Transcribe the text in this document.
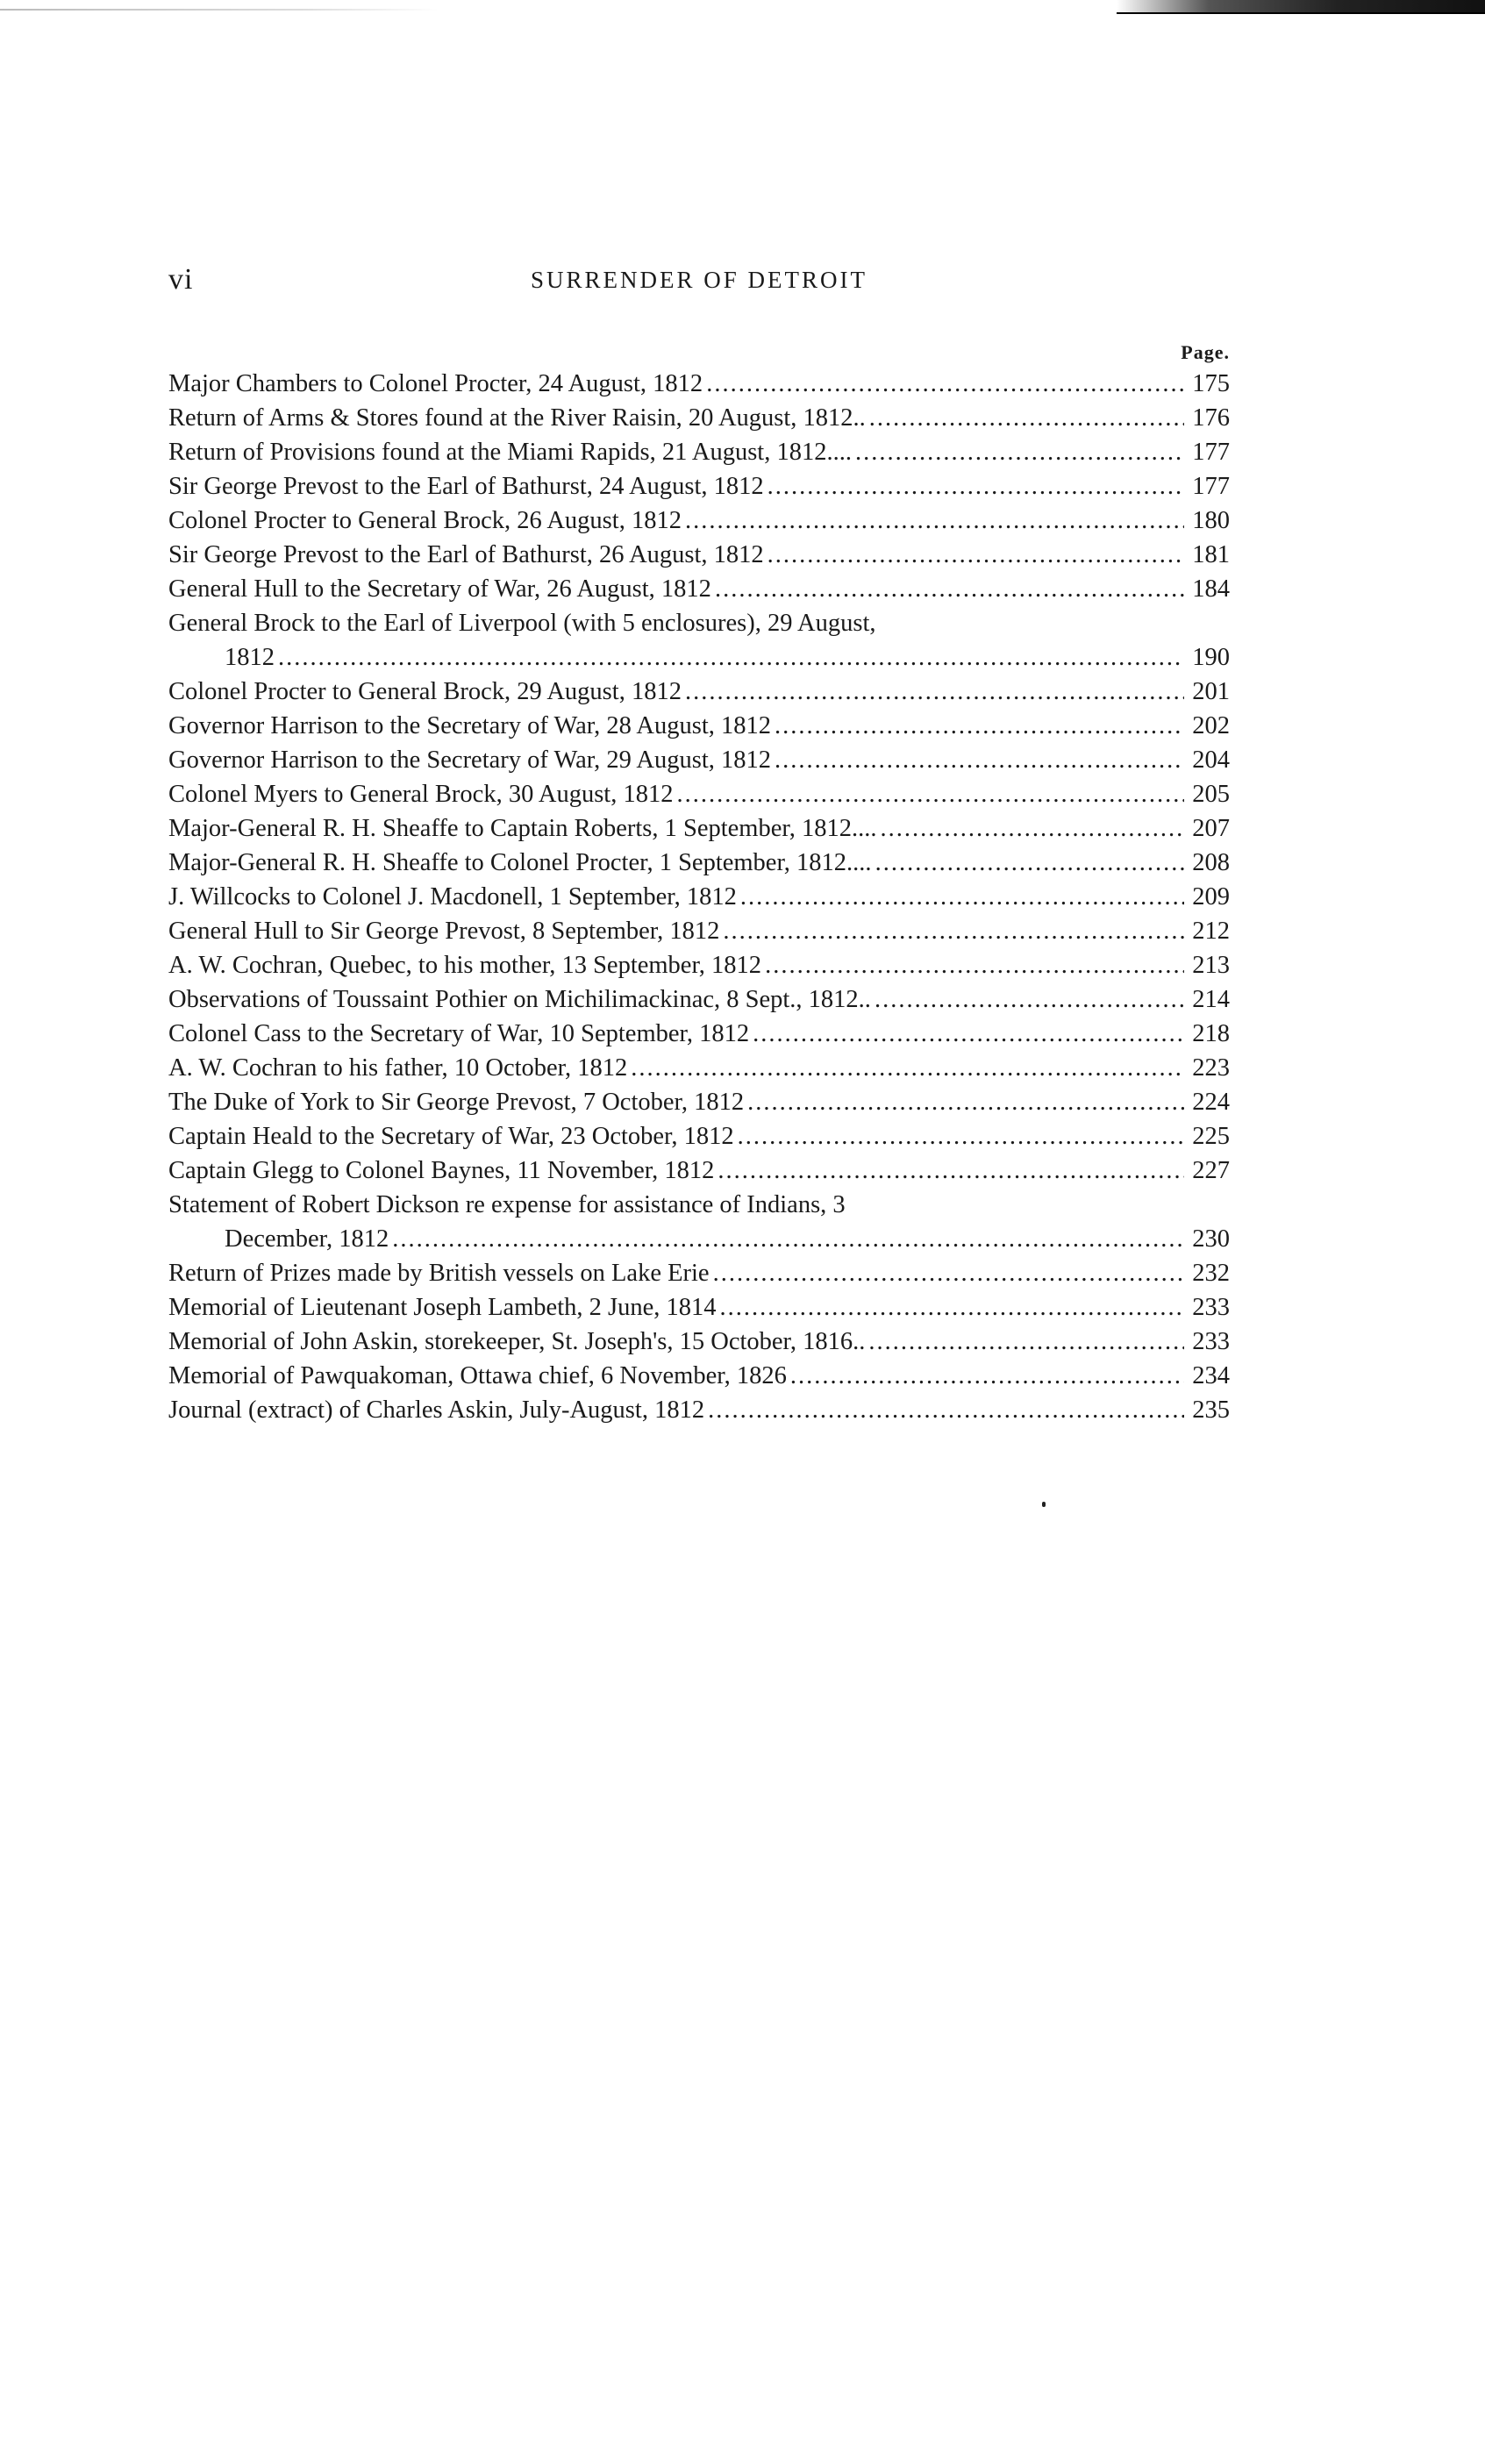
vi	SURRENDER OF DETROIT
Page.
Major Chambers to Colonel Procter, 24 August, 1812 .....	175
Return of Arms & Stores found at the River Raisin, 20 August, 1812.. .....	176
Return of Provisions found at the Miami Rapids, 21 August, 1812.... .....	177
Sir George Prevost to the Earl of Bathurst, 24 August, 1812 .....	177
Colonel Procter to General Brock, 26 August, 1812 .....	180
Sir George Prevost to the Earl of Bathurst, 26 August, 1812 .....	181
General Hull to the Secretary of War, 26 August, 1812 .....	184
General Brock to the Earl of Liverpool (with 5 enclosures), 29 August,
1812 .....	190
Colonel Procter to General Brock, 29 August, 1812 .....	201
Governor Harrison to the Secretary of War, 28 August, 1812 .....	202
Governor Harrison to the Secretary of War, 29 August, 1812 .....	204
Colonel Myers to General Brock, 30 August, 1812 .....	205
Major-General R. H. Sheaffe to Captain Roberts, 1 September, 1812.... .....	207
Major-General R. H. Sheaffe to Colonel Procter, 1 September, 1812.... .....	208
J. Willcocks to Colonel J. Macdonell, 1 September, 1812 .....	209
General Hull to Sir George Prevost, 8 September, 1812 .....	212
A. W. Cochran, Quebec, to his mother, 13 September, 1812 .....	213
Observations of Toussaint Pothier on Michilimackinac, 8 Sept., 1812.. .....	214
Colonel Cass to the Secretary of War, 10 September, 1812 .....	218
A. W. Cochran to his father, 10 October, 1812 .....	223
The Duke of York to Sir George Prevost, 7 October, 1812 .....	224
Captain Heald to the Secretary of War, 23 October, 1812 .....	225
Captain Glegg to Colonel Baynes, 11 November, 1812 .....	227
Statement of Robert Dickson re expense for assistance of Indians, 3
December, 1812 .....	230
Return of Prizes made by British vessels on Lake Erie .....	232
Memorial of Lieutenant Joseph Lambeth, 2 June, 1814 .....	233
Memorial of John Askin, storekeeper, St. Joseph's, 15 October, 1816.. .....	233
Memorial of Pawquakoman, Ottawa chief, 6 November, 1826 .....	234
Journal (extract) of Charles Askin, July-August, 1812 .....	235
